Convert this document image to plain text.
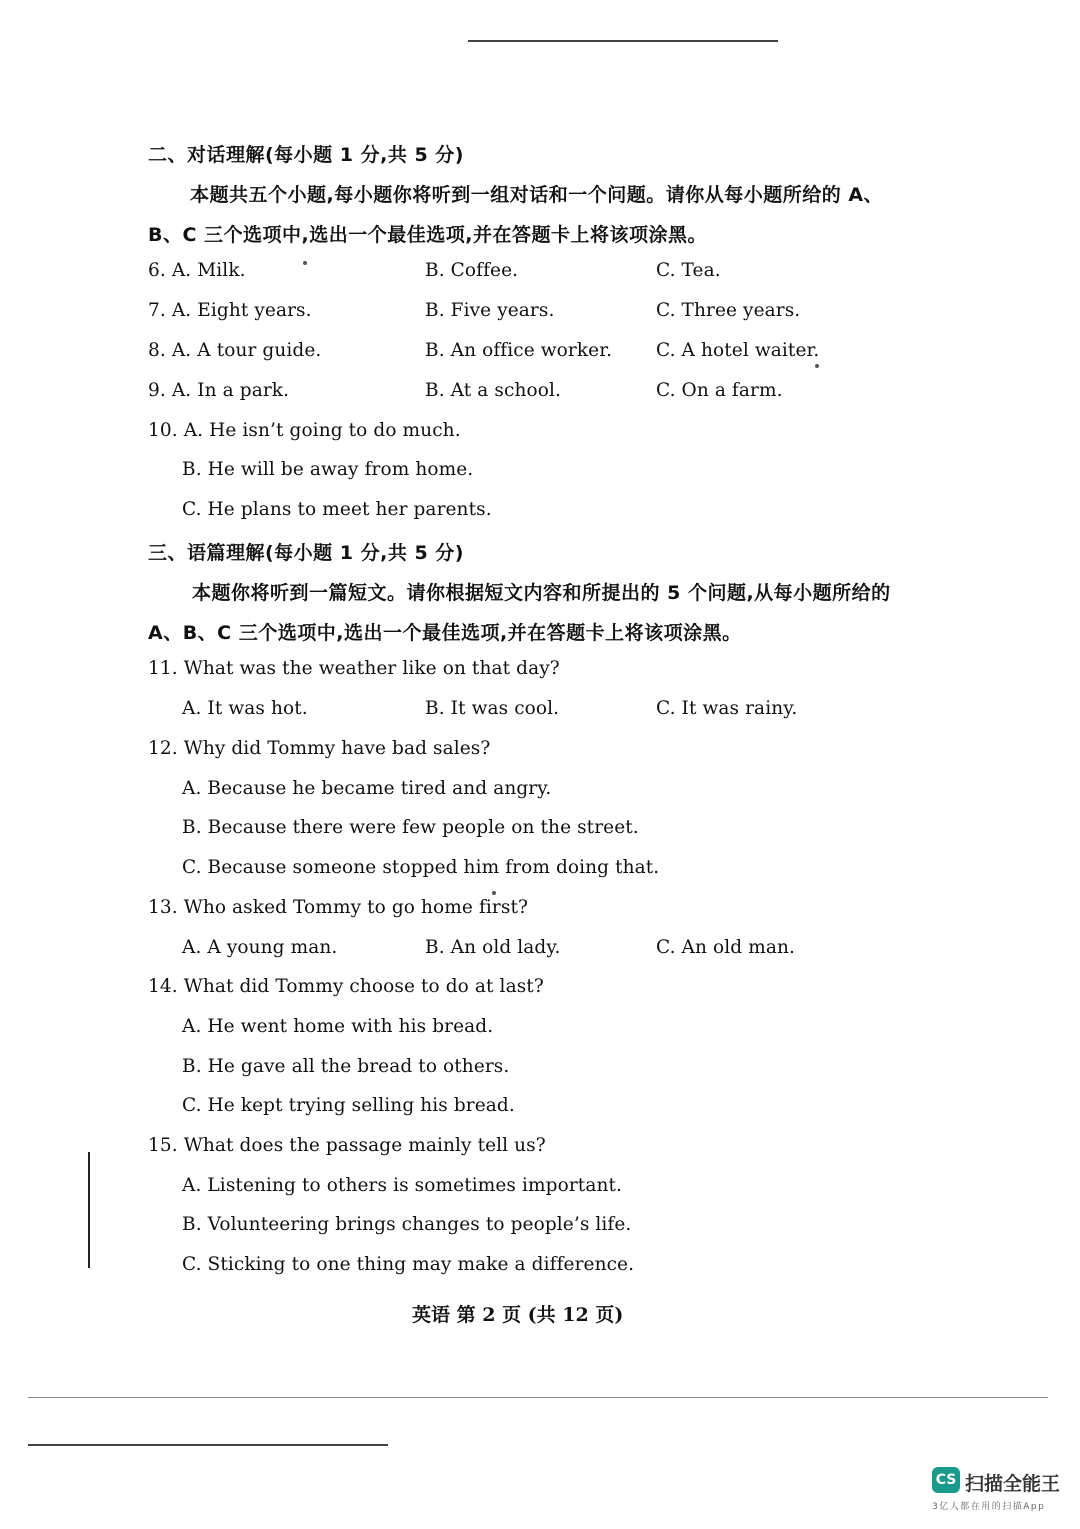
二、对话理解(每小题 1 分,共 5 分)
本题共五个小题,每小题你将听到一组对话和一个问题。请你从每小题所给的 A、
B、C 三个选项中,选出一个最佳选项,并在答题卡上将该项涂黑。
6. A. Milk.	B. Coffee.	C. Tea.
7. A. Eight years.	B. Five years.	C. Three years.
8. A. A tour guide.	B. An office worker. C. A hotel waiter.
9. A. In a park.	B. At a school.	C. On a farm.
10. A. He isn’t going to do much.
B. He will be away from home.
C. He plans to meet her parents.
三、语篇理解(每小题 1 分,共 5 分)
本题你将听到一篇短文。请你根据短文内容和所提出的 5 个问题,从每小题所给的
A、B、C 三个选项中,选出一个最佳选项,并在答题卡上将该项涂黑。
11. What was the weather like on that day?
A. It was hot.	B. It was cool.	C. It was rainy.
12. Why did Tommy have bad sales?
A. Because he became tired and angry.
B. Because there were few people on the street.
C. Because someone stopped him from doing that.
13. Who asked Tommy to go home first?
A. A young man.	B. An old lady.	C. An old man.
14. What did Tommy choose to do at last?
A. He went home with his bread.
B. He gave all the bread to others.
C. He kept trying selling his bread.
15. What does the passage mainly tell us?
A. Listening to others is sometimes important.
B. Volunteering brings changes to people’s life.
C. Sticking to one thing may make a difference.
英语 第 2 页 (共 12 页)
CS 扫描全能王
3亿人都在用的扫描App
